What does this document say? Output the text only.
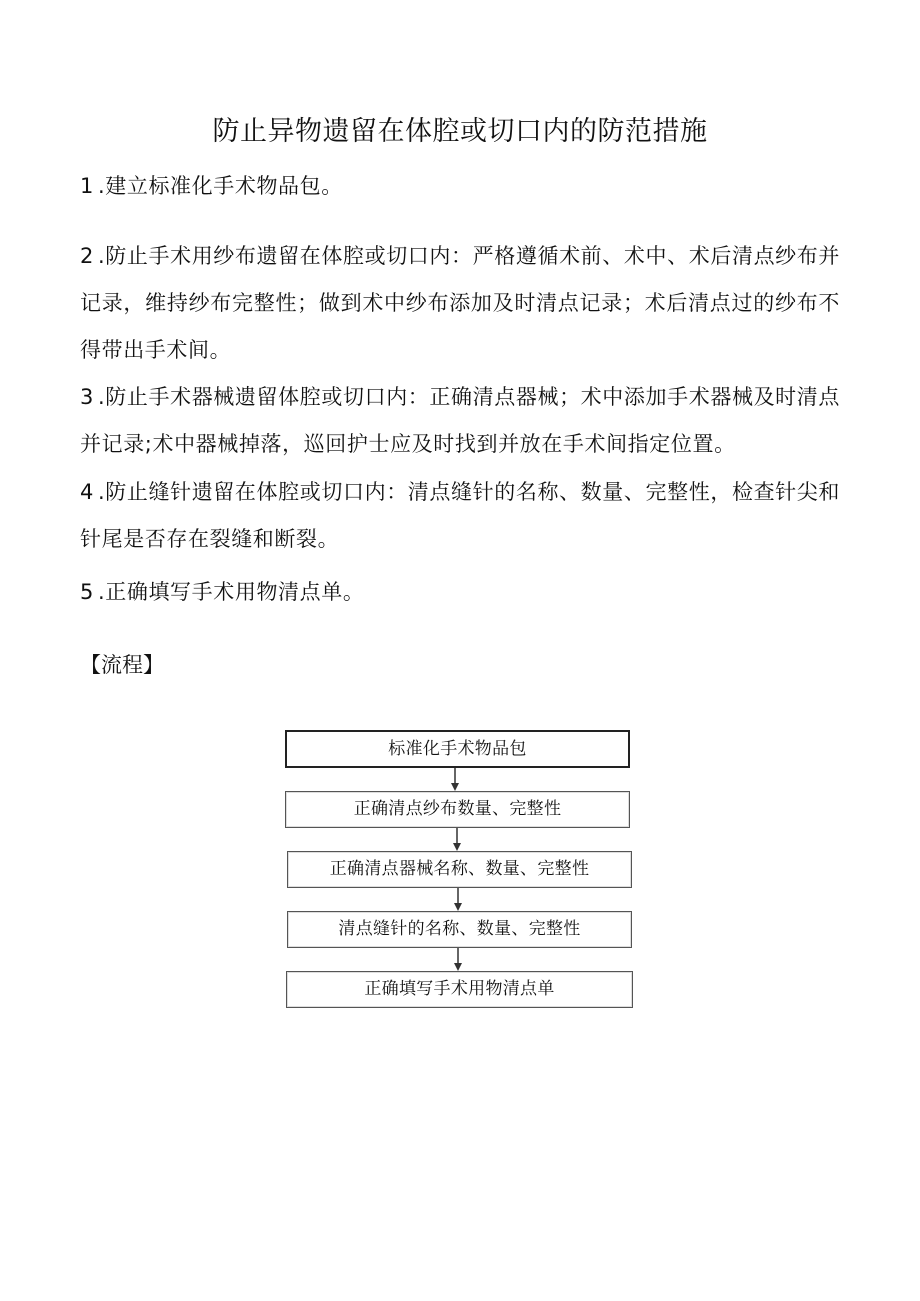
防止异物遗留在体腔或切口内的防范措施
1 .建立标准化手术物品包。
2 .防止手术用纱布遗留在体腔或切口内：严格遵循术前、术中、术后清点纱布并记录，维持纱布完整性；做到术中纱布添加及时清点记录；术后清点过的纱布不得带出手术间。
3 .防止手术器械遗留体腔或切口内：正确清点器械；术中添加手术器械及时清点并记录;术中器械掉落，巡回护士应及时找到并放在手术间指定位置。
4 .防止缝针遗留在体腔或切口内：清点缝针的名称、数量、完整性，检查针尖和针尾是否存在裂缝和断裂。
5 .正确填写手术用物清点单。
【流程】
标准化手术物品包
正确清点纱布数量、完整性
正确清点器械名称、数量、完整性
清点缝针的名称、数量、完整性
正确填写手术用物清点单
